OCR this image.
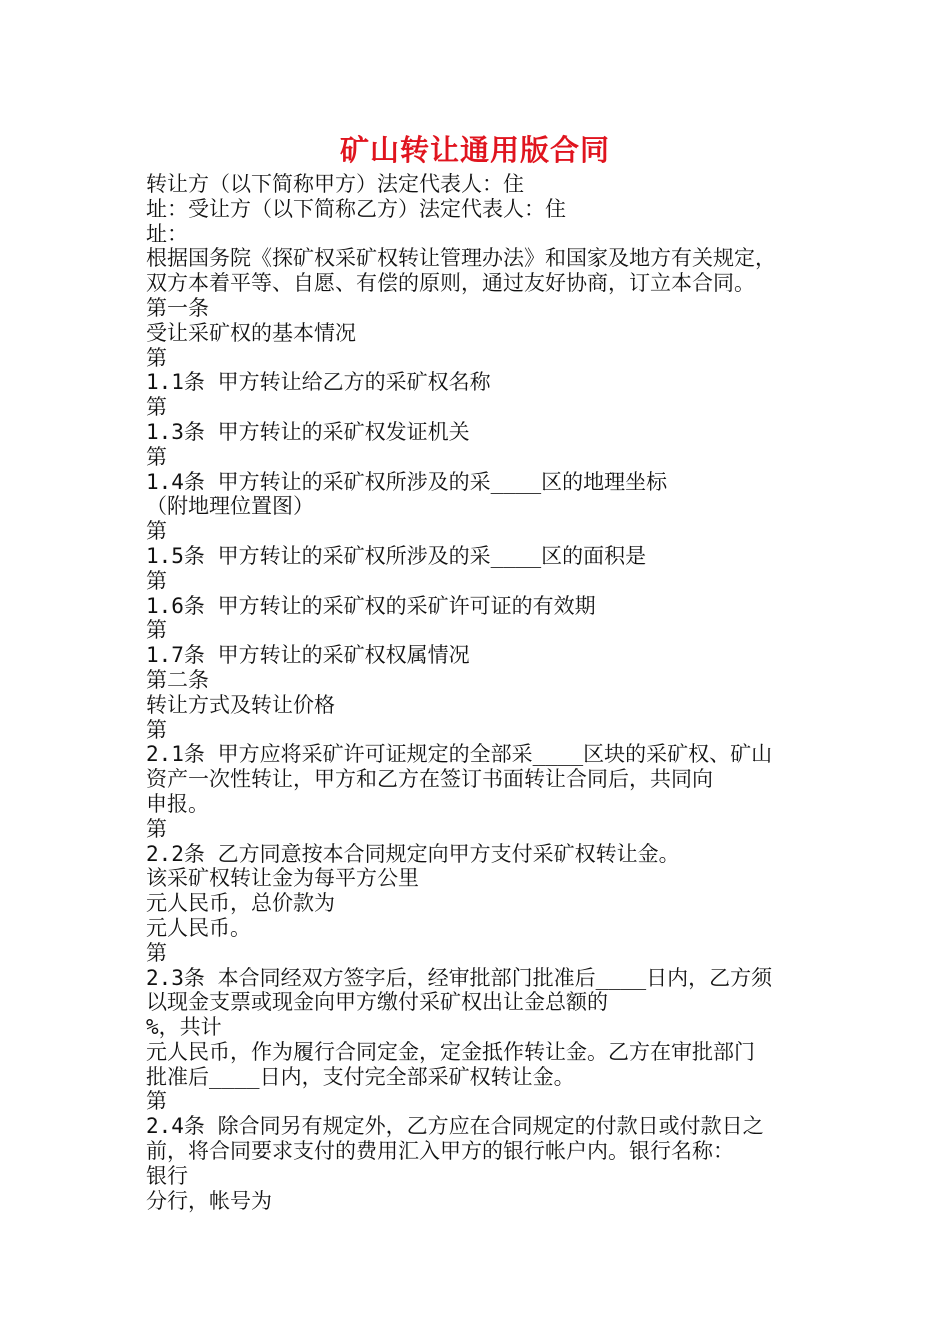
矿山转让通用版合同
转让方（以下简称甲方）法定代表人：住
址：受让方（以下简称乙方）法定代表人：住
址：
根据国务院《探矿权采矿权转让管理办法》和国家及地方有关规定，
双方本着平等、自愿、有偿的原则，通过友好协商，订立本合同。
第一条
受让采矿权的基本情况
第
1.1条 甲方转让给乙方的采矿权名称
第
1.3条 甲方转让的采矿权发证机关
第
1.4条 甲方转让的采矿权所涉及的采____区的地理坐标
（附地理位置图）
第
1.5条 甲方转让的采矿权所涉及的采____区的面积是
第
1.6条 甲方转让的采矿权的采矿许可证的有效期
第
1.7条 甲方转让的采矿权权属情况
第二条
转让方式及转让价格
第
2.1条 甲方应将采矿许可证规定的全部采____区块的采矿权、矿山
资产一次性转让，甲方和乙方在签订书面转让合同后，共同向
申报。
第
2.2条 乙方同意按本合同规定向甲方支付采矿权转让金。
该采矿权转让金为每平方公里
元人民币，总价款为
元人民币。
第
2.3条 本合同经双方签字后，经审批部门批准后____日内，乙方须
以现金支票或现金向甲方缴付采矿权出让金总额的
%，共计
元人民币，作为履行合同定金，定金抵作转让金。乙方在审批部门
批准后____日内，支付完全部采矿权转让金。
第
2.4条 除合同另有规定外，乙方应在合同规定的付款日或付款日之
前，将合同要求支付的费用汇入甲方的银行帐户内。银行名称：
银行
分行，帐号为
